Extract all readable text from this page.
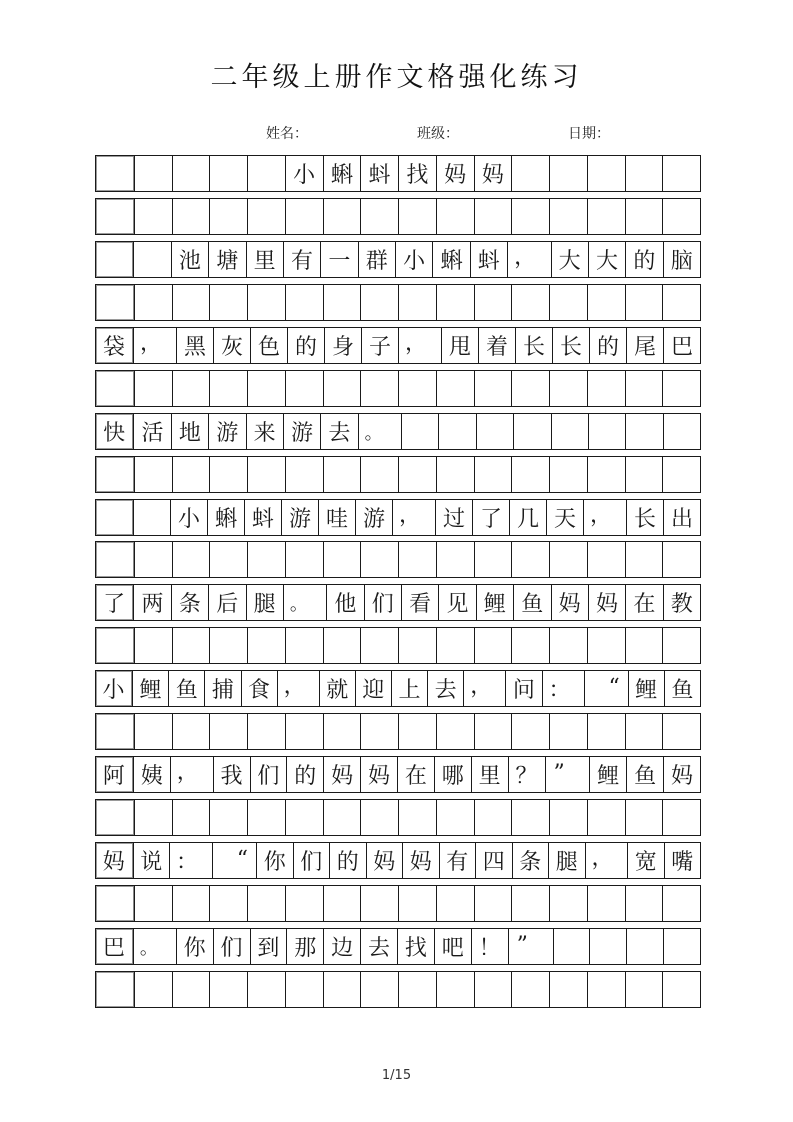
二年级上册作文格强化练习
姓名：	班级：	日期：
小 蝌 蚪 找 妈 妈
池 塘 里 有 一 群 小 蝌 蚪 ，	大 大 的 脑
袋 ， 黑 灰 色 的 身 子 ， 甩 着 长 长 的 尾 巴
快 活 地 游 来 游 去 。
小 蝌 蚪 游 哇 游 ， 过 了 几 天 ， 长 出
了 两 条 后 腿 。	他 们 看 见 鲤 鱼 妈 妈 在 教
小 鲤 鱼 捕 食 ， 就 迎 上 去 ， 问 ：	“ 鲤 鱼
阿 姨 ， 我 们 的 妈 妈 在 哪 里 ？ ”	鲤 鱼 妈
妈 说 ：	“ 你 们 的 妈 妈 有 四 条 腿 ， 宽 嘴
巴 。	你 们 到 那 边 去 找 吧 ！ ”
1/15
